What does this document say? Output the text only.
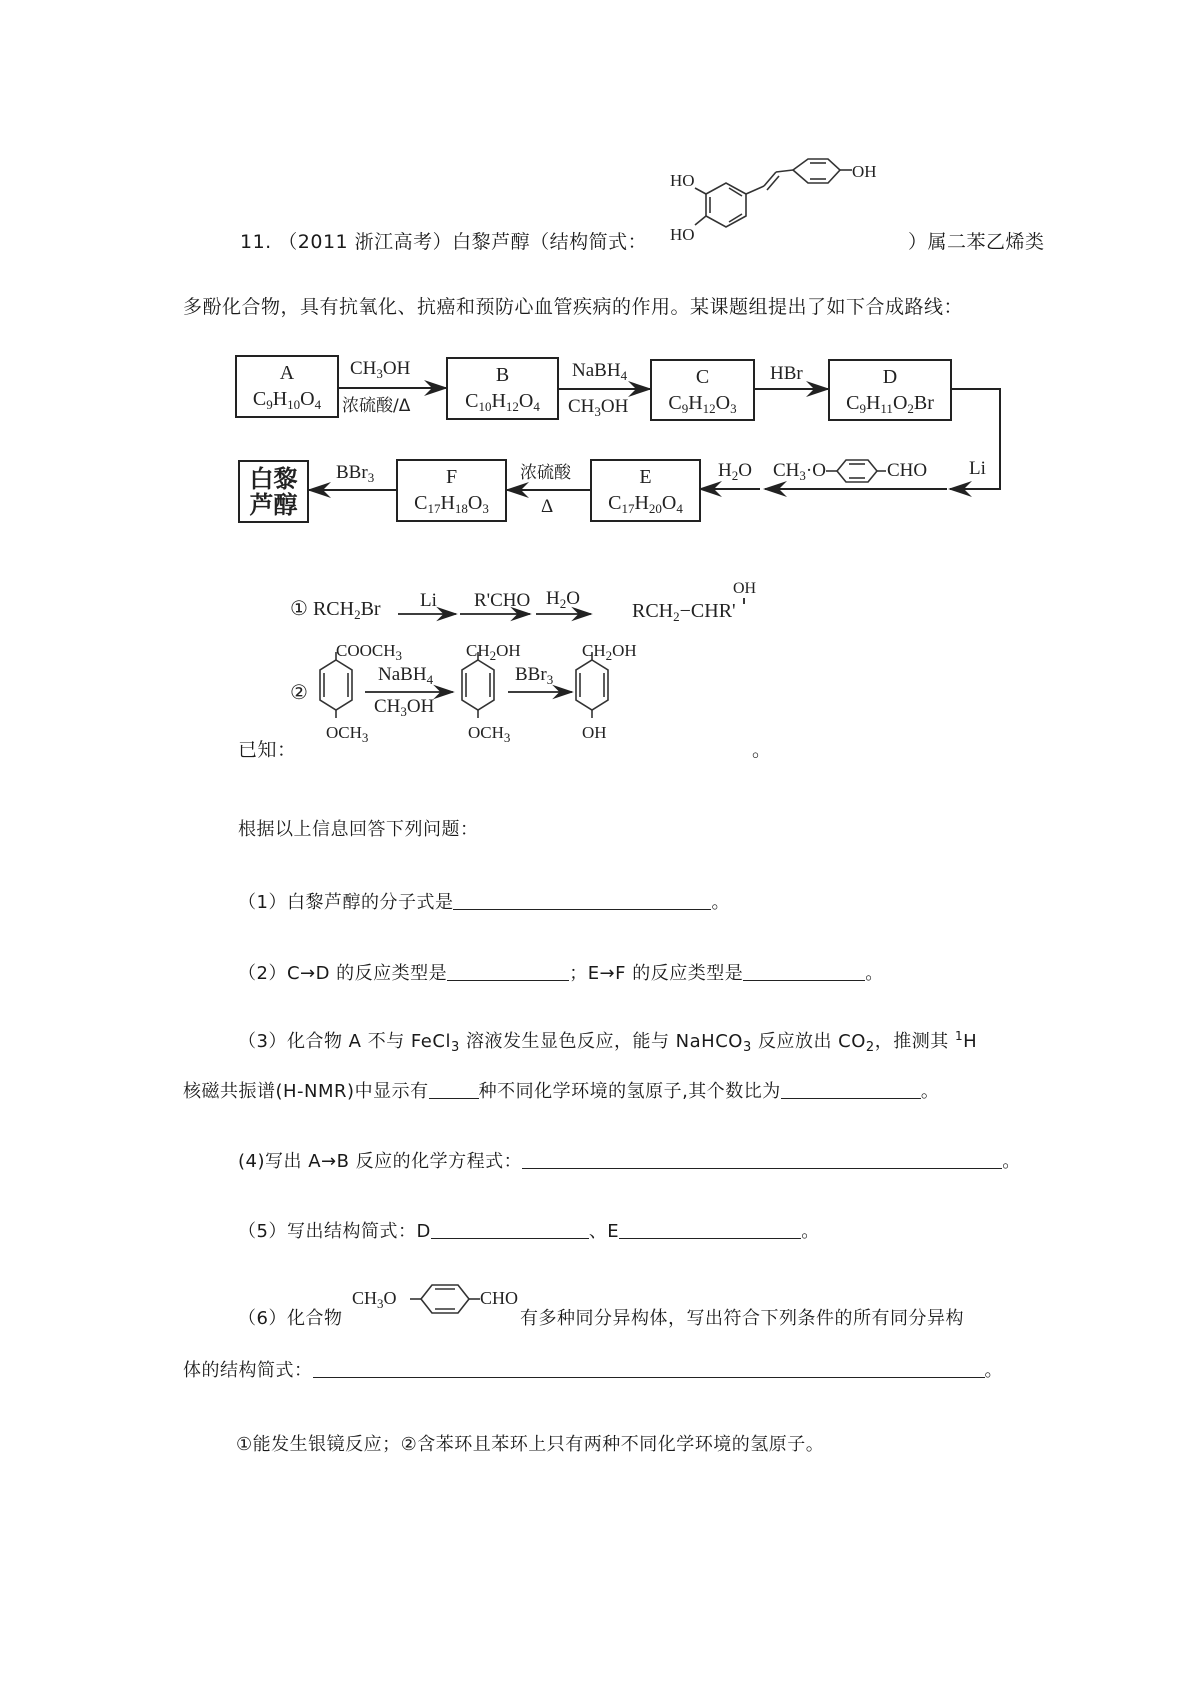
11. （2011 浙江高考）白黎芦醇（结构简式：	）属二苯乙烯类
多酚化合物，具有抗氧化、抗癌和预防心血管疾病的作用。某课题组提出了如下合成路线：
HO
HO
OH
A
$C_9H_{10}O_4$
B
$C_{10}H_{12}O_4$
C
$C_9H_{12}O_3$
D
$C_9H_{11}O_2Br$
E
$C_{17}H_{20}O_4$
F
$C_{17}H_{18}O_3$
白黎
芦醇
$CH_3OH$
浓硫酸/Δ
NaBH$_4$
$CH_3OH$
HBr
Li
$CH_3\cdot O$	CHO
$H_2O$
浓硫酸
Δ
BBr$_3$
已知：	。
① $RCH_2Br$ Li R'CHO $H_2O$
$RCH_2-CHR'$
OH
②
$COOCH_3$
$OCH_3$
NaBH$_4$
$CH_3OH$
$CH_2OH$
$OCH_3$
BBr$_3$
$CH_2OH$
OH
根据以上信息回答下列问题：
（1）白黎芦醇的分子式是	。
（2）C→D 的反应类型是	；E→F 的反应类型是	。
（3）化合物 A 不与 FeCl$_3$ 溶液发生显色反应，能与 NaHCO$_3$ 反应放出 $CO_2$，推测其 $^1$H
核磁共振谱(H-NMR)中显示有	种不同化学环境的氢原子,其个数比为	。
(4)写出 A→B 反应的化学方程式：	。
（5）写出结构简式：D	、E	。
（6）化合物
$CH_3O$	CHO
有多种同分异构体，写出符合下列条件的所有同分异构
体的结构简式：	。
①能发生银镜反应；②含苯环且苯环上只有两种不同化学环境的氢原子。
